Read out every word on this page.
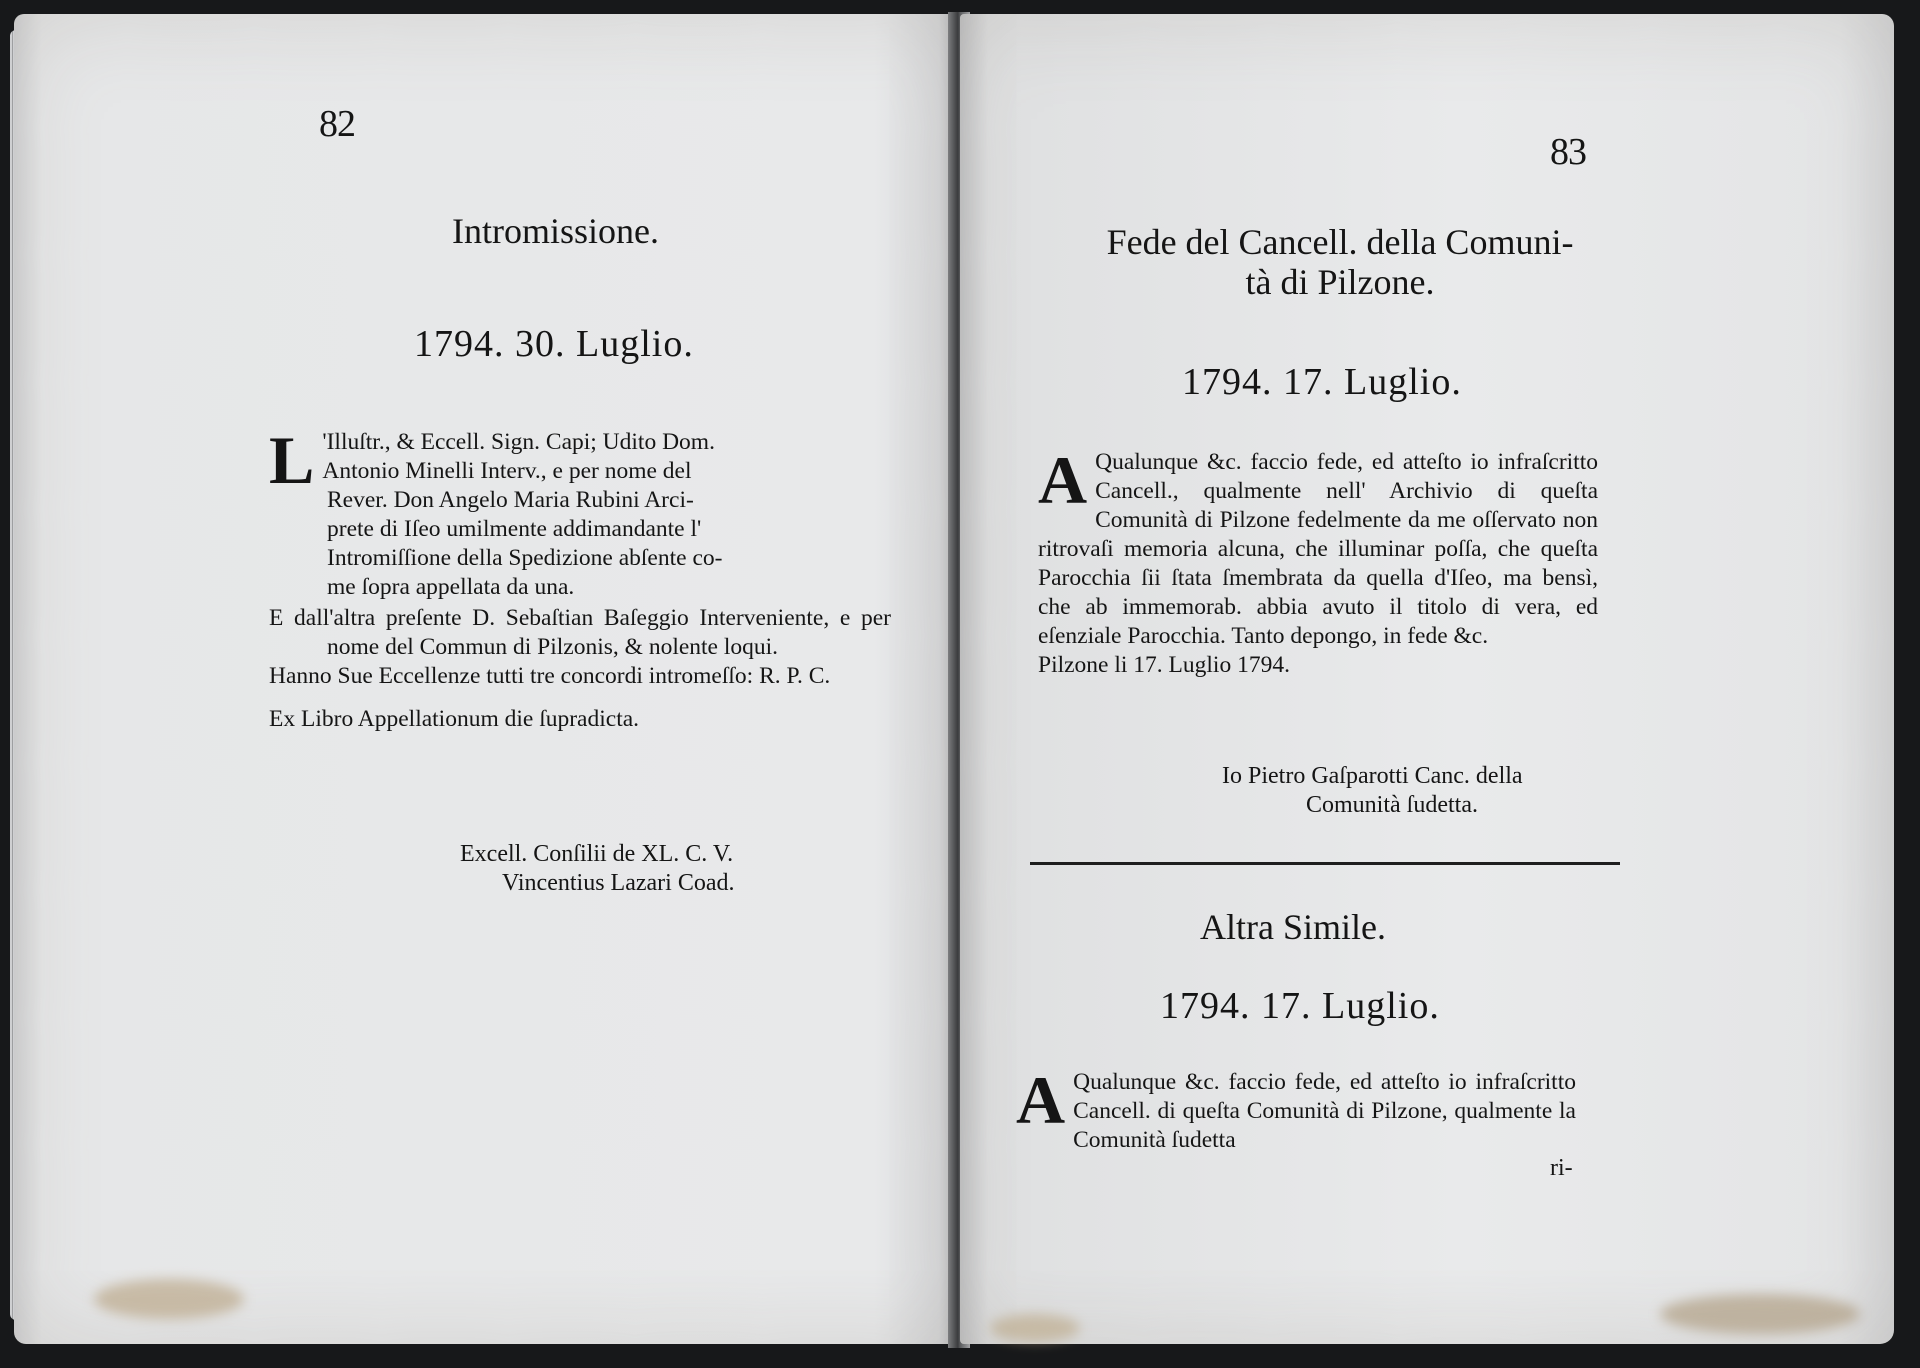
82
Intromissione.
1794. 30. Luglio.
L 'Illuſtr., & Eccell. Sign. Capi; Udito Dom.
Antonio Minelli Interv., e per nome del
Rever. Don Angelo Maria Rubini Arci-
prete di Iſeo umilmente addimandante l'
Intromiſſione della Spedizione abſente co-
me ſopra appellata da una.

E dall'altra preſente D. Sebaſtian Baſeggio Interveniente, e per nome del Commun di Pilzonis, & nolente loqui.

Hanno Sue Eccellenze tutti tre concordi intromeſſo: R. P. C.

Ex Libro Appellationum die ſupradicta.

Excell. Conſilii de XL. C. V.
Vincentius Lazari Coad.
83
Fede del Cancell. della Comuni-
tà di Pilzone.
1794. 17. Luglio.
A Qualunque &c. faccio fede, ed atteſto io infraſcritto Cancell., qualmente nell' Archivio di queſta Comunità di Pilzone fedelmente da me oſſervato non ritrovaſi memoria alcuna, che illuminar poſſa, che queſta Parocchia ſii ſtata ſmembrata da quella d'Iſeo, ma bensì, che ab immemorab. abbia avuto il titolo di vera, ed eſenziale Parocchia. Tanto depongo, in fede &c.

Pilzone li 17. Luglio 1794.

Io Pietro Gaſparotti Canc. della
Comunità ſudetta.
Altra Simile.
1794. 17. Luglio.
A Qualunque &c. faccio fede, ed atteſto io infraſcritto Cancell. di queſta Comunità di Pilzone, qualmente la Comunità ſudetta

ri-
